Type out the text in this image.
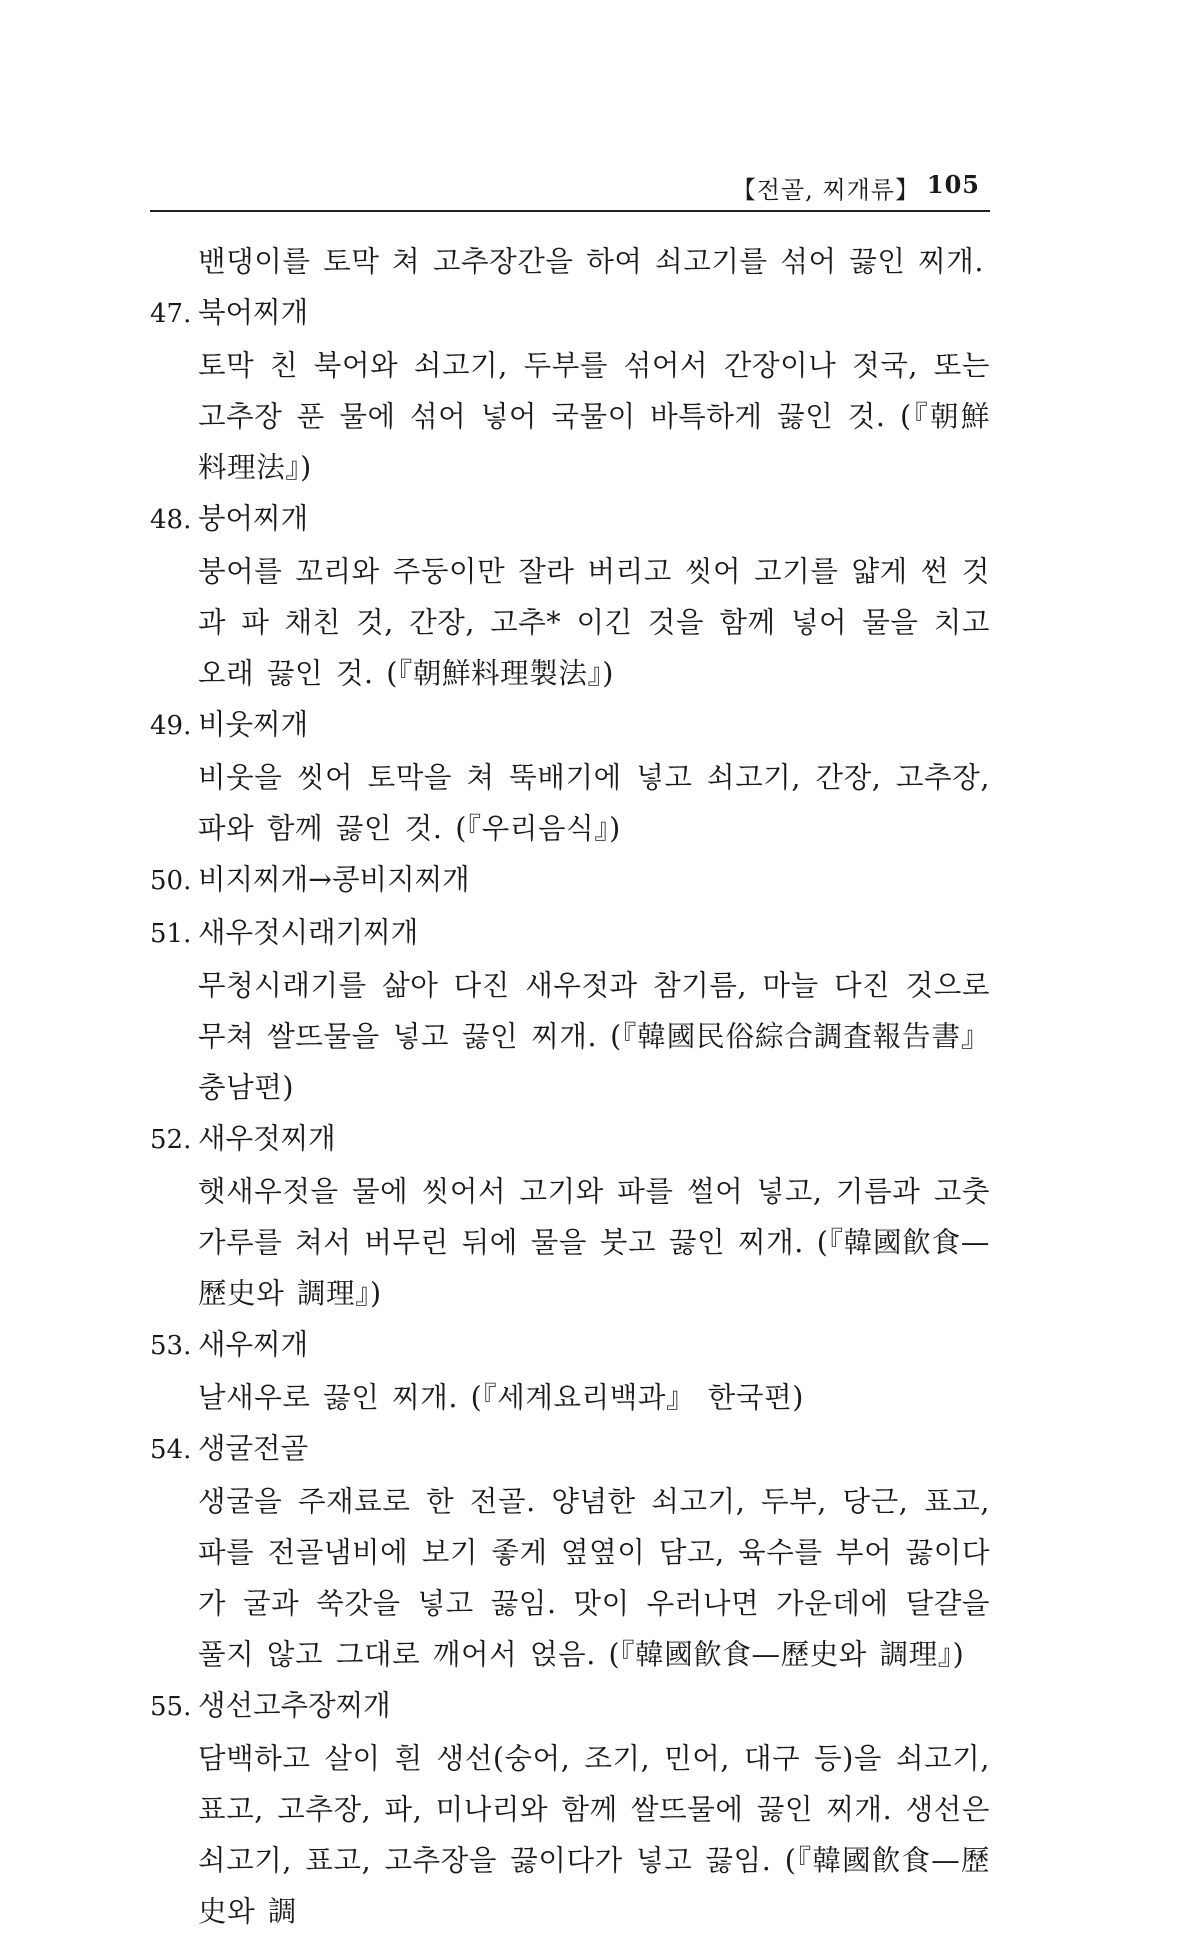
【전골, 찌개류】 105
밴댕이를 토막 쳐 고추장간을 하여 쇠고기를 섞어 끓인 찌개.
47. 북어찌개
토막 친 북어와 쇠고기, 두부를 섞어서 간장이나 젓국, 또는 고추장 푼 물에 섞어 넣어 국물이 바특하게 끓인 것. (『朝鮮料理法』)
48. 붕어찌개
붕어를 꼬리와 주둥이만 잘라 버리고 씻어 고기를 얇게 썬 것과 파 채친 것, 간장, 고추* 이긴 것을 함께 넣어 물을 치고 오래 끓인 것. (『朝鮮料理製法』)
49. 비웃찌개
비웃을 씻어 토막을 쳐 뚝배기에 넣고 쇠고기, 간장, 고추장, 파와 함께 끓인 것. (『우리음식』)
50. 비지찌개→콩비지찌개
51. 새우젓시래기찌개
무청시래기를 삶아 다진 새우젓과 참기름, 마늘 다진 것으로 무쳐 쌀뜨물을 넣고 끓인 찌개. (『韓國民俗綜合調査報告書』 충남편)
52. 새우젓찌개
햇새우젓을 물에 씻어서 고기와 파를 썰어 넣고, 기름과 고춧가루를 쳐서 버무린 뒤에 물을 붓고 끓인 찌개. (『韓國飮食—歷史와 調理』)
53. 새우찌개
날새우로 끓인 찌개. (『세계요리백과』 한국편)
54. 생굴전골
생굴을 주재료로 한 전골. 양념한 쇠고기, 두부, 당근, 표고, 파를 전골냄비에 보기 좋게 옆옆이 담고, 육수를 부어 끓이다가 굴과 쑥갓을 넣고 끓임. 맛이 우러나면 가운데에 달걀을 풀지 않고 그대로 깨어서 얹음. (『韓國飮食—歷史와 調理』)
55. 생선고추장찌개
담백하고 살이 흰 생선(숭어, 조기, 민어, 대구 등)을 쇠고기, 표고, 고추장, 파, 미나리와 함께 쌀뜨물에 끓인 찌개. 생선은 쇠고기, 표고, 고추장을 끓이다가 넣고 끓임. (『韓國飮食—歷史와 調
